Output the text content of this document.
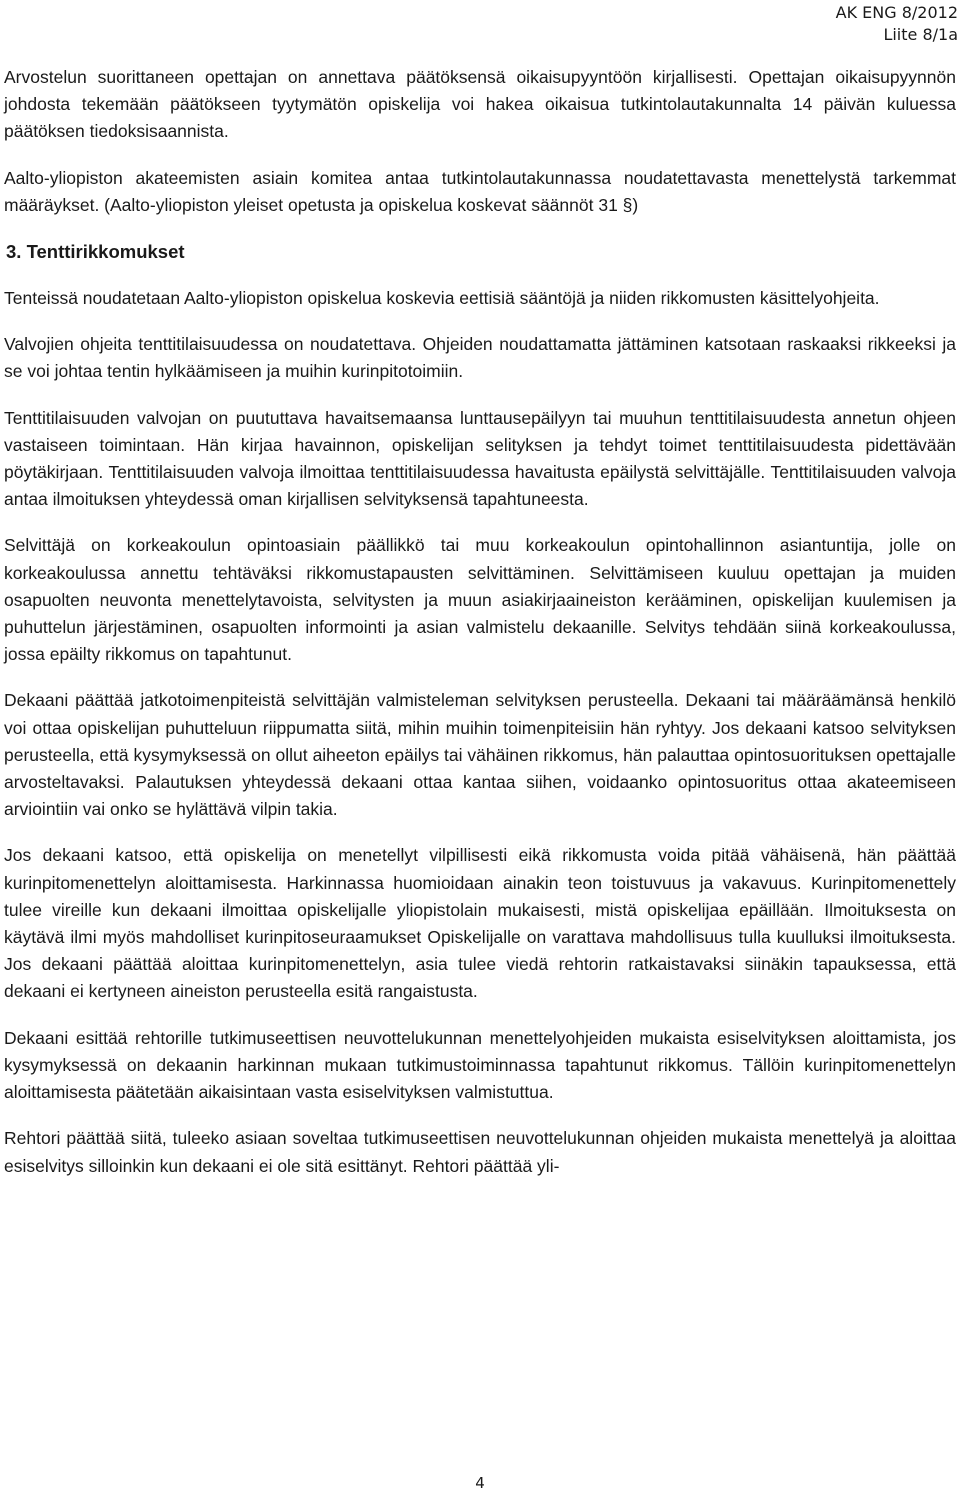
AK ENG 8/2012
Liite 8/1a

Arvostelun suorittaneen opettajan on annettava päätöksensä oikaisupyyntöön kirjallisesti. Opettajan oikaisupyynnön johdosta tekemään päätökseen tyytymätön opiskelija voi hakea oikaisua tutkintolautakunnalta 14 päivän kuluessa päätöksen tiedoksisaannista.

Aalto-yliopiston akateemisten asiain komitea antaa tutkintolautakunnassa noudatettavasta menettelystä tarkemmat määräykset. (Aalto-yliopiston yleiset opetusta ja opiskelua koskevat säännöt 31 §)

3. Tenttirikkomukset

Tenteissä noudatetaan Aalto-yliopiston opiskelua koskevia eettisiä sääntöjä ja niiden rikkomusten käsittelyohjeita.

Valvojien ohjeita tenttitilaisuudessa on noudatettava. Ohjeiden noudattamatta jättäminen katsotaan raskaaksi rikkeeksi ja se voi johtaa tentin hylkäämiseen ja muihin kurinpitotoimiin.

Tenttitilaisuuden valvojan on puututtava havaitsemaansa lunttausepäilyyn tai muuhun tenttitilaisuudesta annetun ohjeen vastaiseen toimintaan. Hän kirjaa havainnon, opiskelijan selityksen ja tehdyt toimet tenttitilaisuudesta pidettävään pöytäkirjaan. Tenttitilaisuuden valvoja ilmoittaa tenttitilaisuudessa havaitusta epäilystä selvittäjälle. Tenttitilaisuuden valvoja antaa ilmoituksen yhteydessä oman kirjallisen selvityksensä tapahtuneesta.

Selvittäjä on korkeakoulun opintoasiain päällikkö tai muu korkeakoulun opintohallinnon asiantuntija, jolle on korkeakoulussa annettu tehtäväksi rikkomustapausten selvittäminen. Selvittämiseen kuuluu opettajan ja muiden osapuolten neuvonta menettelytavoista, selvitysten ja muun asiakirjaaineiston kerääminen, opiskelijan kuulemisen ja puhuttelun järjestäminen, osapuolten informointi ja asian valmistelu dekaanille. Selvitys tehdään siinä korkeakoulussa, jossa epäilty rikkomus on tapahtunut.

Dekaani päättää jatkotoimenpiteistä selvittäjän valmisteleman selvityksen perusteella. Dekaani tai määräämänsä henkilö voi ottaa opiskelijan puhutteluun riippumatta siitä, mihin muihin toimenpiteisiin hän ryhtyy. Jos dekaani katsoo selvityksen perusteella, että kysymyksessä on ollut aiheeton epäilys tai vähäinen rikkomus, hän palauttaa opintosuorituksen opettajalle arvosteltavaksi. Palautuksen yhteydessä dekaani ottaa kantaa siihen, voidaanko opintosuoritus ottaa akateemiseen arviointiin vai onko se hylättävä vilpin takia.

Jos dekaani katsoo, että opiskelija on menetellyt vilpillisesti eikä rikkomusta voida pitää vähäisenä, hän päättää kurinpitomenettelyn aloittamisesta. Harkinnassa huomioidaan ainakin teon toistuvuus ja vakavuus. Kurinpitomenettely tulee vireille kun dekaani ilmoittaa opiskelijalle yliopistolain mukaisesti, mistä opiskelijaa epäillään. Ilmoituksesta on käytävä ilmi myös mahdolliset kurinpitoseuraamukset Opiskelijalle on varattava mahdollisuus tulla kuulluksi ilmoituksesta. Jos dekaani päättää aloittaa kurinpitomenettelyn, asia tulee viedä rehtorin ratkaistavaksi siinäkin tapauksessa, että dekaani ei kertyneen aineiston perusteella esitä rangaistusta.

Dekaani esittää rehtorille tutkimuseettisen neuvottelukunnan menettelyohjeiden mukaista esiselvityksen aloittamista, jos kysymyksessä on dekaanin harkinnan mukaan tutkimustoiminnassa tapahtunut rikkomus. Tällöin kurinpitomenettelyn aloittamisesta päätetään aikaisintaan vasta esiselvityksen valmistuttua.

Rehtori päättää siitä, tuleeko asiaan soveltaa tutkimuseettisen neuvottelukunnan ohjeiden mukaista menettelyä ja aloittaa esiselvitys silloinkin kun dekaani ei ole sitä esittänyt. Rehtori päättää yli-

4
